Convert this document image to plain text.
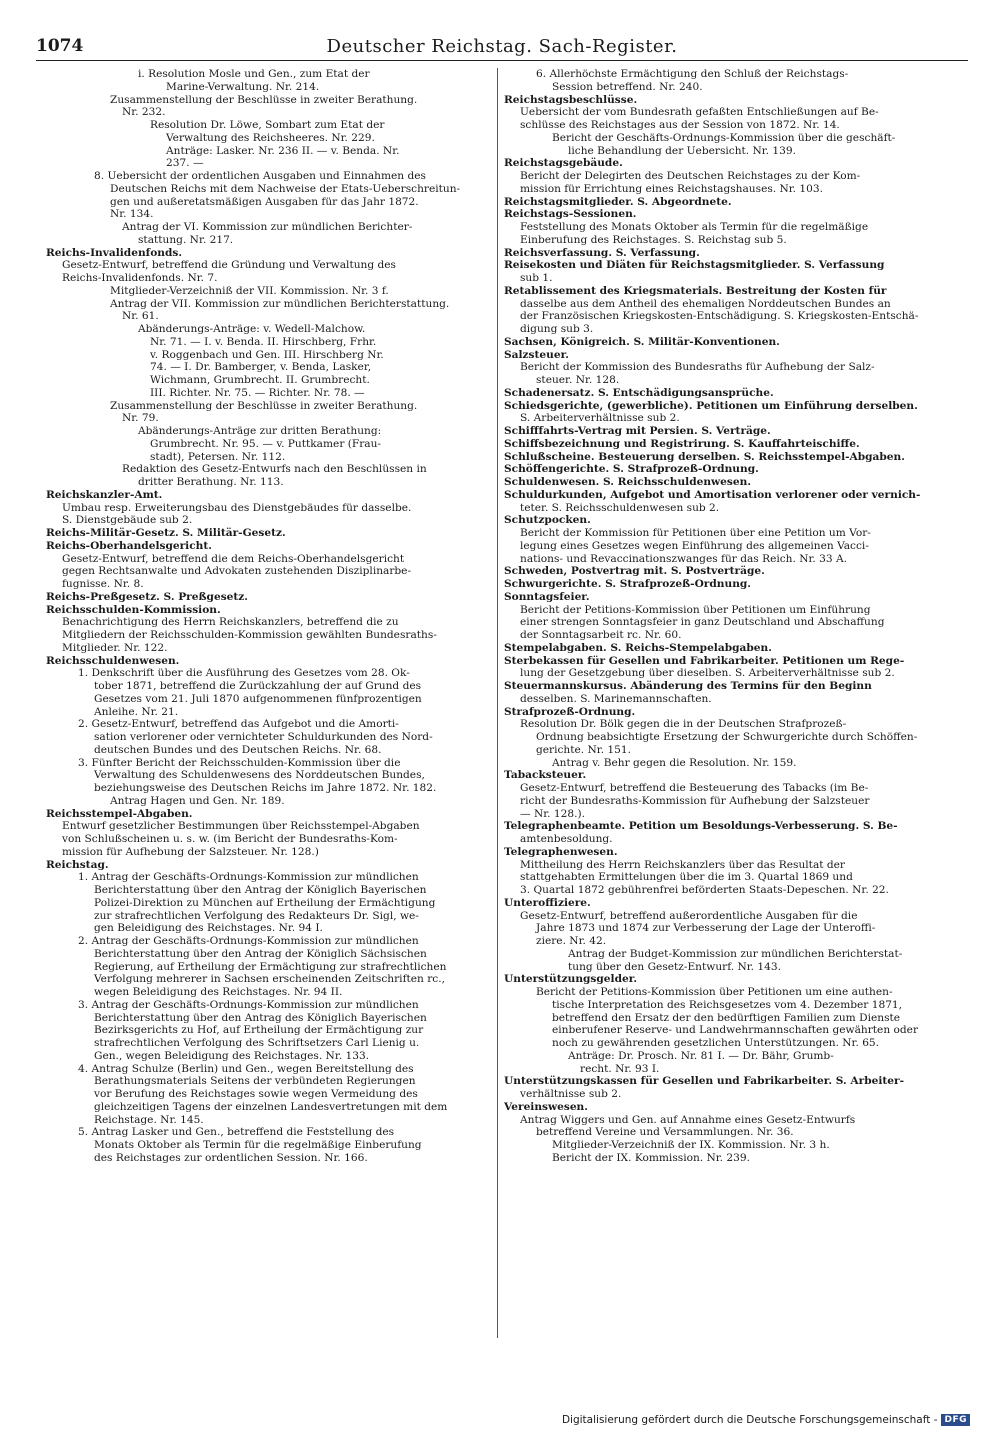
1074	Deutscher Reichstag. Sach-Register.
i. Resolution Mosle und Gen., zum Etat der
Marine-Verwaltung. Nr. 214.
Zusammenstellung der Beschlüsse in zweiter Berathung.
Nr. 232.
Resolution Dr. Löwe, Sombart zum Etat der
Verwaltung des Reichsheeres. Nr. 229.
Anträge: Lasker. Nr. 236 II. — v. Benda. Nr.
237. —
8. Uebersicht der ordentlichen Ausgaben und Einnahmen des
Deutschen Reichs mit dem Nachweise der Etats-Ueberschreitun-
gen und außeretatsmäßigen Ausgaben für das Jahr 1872.
Nr. 134.
Antrag der VI. Kommission zur mündlichen Berichter-
stattung. Nr. 217.
Reichs-Invalidenfonds.
Gesetz-Entwurf, betreffend die Gründung und Verwaltung des
Reichs-Invalidenfonds. Nr. 7.
Mitglieder-Verzeichniß der VII. Kommission. Nr. 3 f.
Antrag der VII. Kommission zur mündlichen Berichterstattung.
Nr. 61.
Abänderungs-Anträge: v. Wedell-Malchow.
Nr. 71. — I. v. Benda. II. Hirschberg, Frhr.
v. Roggenbach und Gen. III. Hirschberg Nr.
74. — I. Dr. Bamberger, v. Benda, Lasker,
Wichmann, Grumbrecht. II. Grumbrecht.
III. Richter. Nr. 75. — Richter. Nr. 78. —
Zusammenstellung der Beschlüsse in zweiter Berathung.
Nr. 79.
Abänderungs-Anträge zur dritten Berathung:
Grumbrecht. Nr. 95. — v. Puttkamer (Frau-
stadt), Petersen. Nr. 112.
Redaktion des Gesetz-Entwurfs nach den Beschlüssen in
dritter Berathung. Nr. 113.
Reichskanzler-Amt.
Umbau resp. Erweiterungsbau des Dienstgebäudes für dasselbe.
S. Dienstgebäude sub 2.
Reichs-Militär-Gesetz. S. Militär-Gesetz.
Reichs-Oberhandelsgericht.
Gesetz-Entwurf, betreffend die dem Reichs-Oberhandelsgericht
gegen Rechtsanwalte und Advokaten zustehenden Disziplinarbe-
fugnisse. Nr. 8.
Reichs-Preßgesetz. S. Preßgesetz.
Reichsschulden-Kommission.
Benachrichtigung des Herrn Reichskanzlers, betreffend die zu
Mitgliedern der Reichsschulden-Kommission gewählten Bundesraths-
Mitglieder. Nr. 122.
Reichsschuldenwesen.
1. Denkschrift über die Ausführung des Gesetzes vom 28. Ok-
tober 1871, betreffend die Zurückzahlung der auf Grund des
Gesetzes vom 21. Juli 1870 aufgenommenen fünfprozentigen
Anleihe. Nr. 21.
2. Gesetz-Entwurf, betreffend das Aufgebot und die Amorti-
sation verlorener oder vernichteter Schuldurkunden des Nord-
deutschen Bundes und des Deutschen Reichs. Nr. 68.
3. Fünfter Bericht der Reichsschulden-Kommission über die
Verwaltung des Schuldenwesens des Norddeutschen Bundes,
beziehungsweise des Deutschen Reichs im Jahre 1872. Nr. 182.
Antrag Hagen und Gen. Nr. 189.
Reichsstempel-Abgaben.
Entwurf gesetzlicher Bestimmungen über Reichsstempel-Abgaben
von Schlußscheinen u. s. w. (im Bericht der Bundesraths-Kom-
mission für Aufhebung der Salzsteuer. Nr. 128.)
Reichstag.
1. Antrag der Geschäfts-Ordnungs-Kommission zur mündlichen
Berichterstattung über den Antrag der Königlich Bayerischen
Polizei-Direktion zu München auf Ertheilung der Ermächtigung
zur strafrechtlichen Verfolgung des Redakteurs Dr. Sigl, we-
gen Beleidigung des Reichstages. Nr. 94 I.
2. Antrag der Geschäfts-Ordnungs-Kommission zur mündlichen
Berichterstattung über den Antrag der Königlich Sächsischen
Regierung, auf Ertheilung der Ermächtigung zur strafrechtlichen
Verfolgung mehrerer in Sachsen erscheinenden Zeitschriften rc.,
wegen Beleidigung des Reichstages. Nr. 94 II.
3. Antrag der Geschäfts-Ordnungs-Kommission zur mündlichen
Berichterstattung über den Antrag des Königlich Bayerischen
Bezirksgerichts zu Hof, auf Ertheilung der Ermächtigung zur
strafrechtlichen Verfolgung des Schriftsetzers Carl Lienig u.
Gen., wegen Beleidigung des Reichstages. Nr. 133.
4. Antrag Schulze (Berlin) und Gen., wegen Bereitstellung des
Berathungsmaterials Seitens der verbündeten Regierungen
vor Berufung des Reichstages sowie wegen Vermeidung des
gleichzeitigen Tagens der einzelnen Landesvertretungen mit dem
Reichstage. Nr. 145.
5. Antrag Lasker und Gen., betreffend die Feststellung des
Monats Oktober als Termin für die regelmäßige Einberufung
des Reichstages zur ordentlichen Session. Nr. 166.
6. Allerhöchste Ermächtigung den Schluß der Reichstags-
Session betreffend. Nr. 240.
Reichstagsbeschlüsse.
Uebersicht der vom Bundesrath gefaßten Entschließungen auf Be-
schlüsse des Reichstages aus der Session von 1872. Nr. 14.
Bericht der Geschäfts-Ordnungs-Kommission über die geschäft-
liche Behandlung der Uebersicht. Nr. 139.
Reichstagsgebäude.
Bericht der Delegirten des Deutschen Reichstages zu der Kom-
mission für Errichtung eines Reichstagshauses. Nr. 103.
Reichstagsmitglieder. S. Abgeordnete.
Reichstags-Sessionen.
Feststellung des Monats Oktober als Termin für die regelmäßige
Einberufung des Reichstages. S. Reichstag sub 5.
Reichsverfassung. S. Verfassung.
Reisekosten und Diäten für Reichstagsmitglieder. S. Verfassung
sub 1.
Retablissement des Kriegsmaterials. Bestreitung der Kosten für
dasselbe aus dem Antheil des ehemaligen Norddeutschen Bundes an
der Französischen Kriegskosten-Entschädigung. S. Kriegskosten-Entschä-
digung sub 3.
Sachsen, Königreich. S. Militär-Konventionen.
Salzsteuer.
Bericht der Kommission des Bundesraths für Aufhebung der Salz-
steuer. Nr. 128.
Schadenersatz. S. Entschädigungsansprüche.
Schiedsgerichte, (gewerbliche). Petitionen um Einführung derselben.
S. Arbeiterverhältnisse sub 2.
Schifffahrts-Vertrag mit Persien. S. Verträge.
Schiffsbezeichnung und Registrirung. S. Kauffahrteischiffe.
Schlußscheine. Besteuerung derselben. S. Reichsstempel-Abgaben.
Schöffengerichte. S. Strafprozeß-Ordnung.
Schuldenwesen. S. Reichsschuldenwesen.
Schuldurkunden, Aufgebot und Amortisation verlorener oder vernich-
teter. S. Reichsschuldenwesen sub 2.
Schutzpocken.
Bericht der Kommission für Petitionen über eine Petition um Vor-
legung eines Gesetzes wegen Einführung des allgemeinen Vacci-
nations- und Revaccinationszwanges für das Reich. Nr. 33 A.
Schweden, Postvertrag mit. S. Postverträge.
Schwurgerichte. S. Strafprozeß-Ordnung.
Sonntagsfeier.
Bericht der Petitions-Kommission über Petitionen um Einführung
einer strengen Sonntagsfeier in ganz Deutschland und Abschaffung
der Sonntagsarbeit rc. Nr. 60.
Stempelabgaben. S. Reichs-Stempelabgaben.
Sterbekassen für Gesellen und Fabrikarbeiter. Petitionen um Rege-
lung der Gesetzgebung über dieselben. S. Arbeiterverhältnisse sub 2.
Steuermannskursus. Abänderung des Termins für den Beginn
desselben. S. Marinemannschaften.
Strafprozeß-Ordnung.
Resolution Dr. Bölk gegen die in der Deutschen Strafprozeß-
Ordnung beabsichtigte Ersetzung der Schwurgerichte durch Schöffen-
gerichte. Nr. 151.
Antrag v. Behr gegen die Resolution. Nr. 159.
Tabacksteuer.
Gesetz-Entwurf, betreffend die Besteuerung des Tabacks (im Be-
richt der Bundesraths-Kommission für Aufhebung der Salzsteuer
— Nr. 128.).
Telegraphenbeamte. Petition um Besoldungs-Verbesserung. S. Be-
amtenbesoldung.
Telegraphenwesen.
Mittheilung des Herrn Reichskanzlers über das Resultat der
stattgehabten Ermittelungen über die im 3. Quartal 1869 und
3. Quartal 1872 gebührenfrei beförderten Staats-Depeschen. Nr. 22.
Unteroffiziere.
Gesetz-Entwurf, betreffend außerordentliche Ausgaben für die
Jahre 1873 und 1874 zur Verbesserung der Lage der Unteroffi-
ziere. Nr. 42.
Antrag der Budget-Kommission zur mündlichen Berichterstat-
tung über den Gesetz-Entwurf. Nr. 143.
Unterstützungsgelder.
Bericht der Petitions-Kommission über Petitionen um eine authen-
tische Interpretation des Reichsgesetzes vom 4. Dezember 1871,
betreffend den Ersatz der den bedürftigen Familien zum Dienste
einberufener Reserve- und Landwehrmannschaften gewährten oder
noch zu gewährenden gesetzlichen Unterstützungen. Nr. 65.
Anträge: Dr. Prosch. Nr. 81 I. — Dr. Bähr, Grumb-
recht. Nr. 93 I.
Unterstützungskassen für Gesellen und Fabrikarbeiter. S. Arbeiter-
verhältnisse sub 2.
Vereinswesen.
Antrag Wiggers und Gen. auf Annahme eines Gesetz-Entwurfs
betreffend Vereine und Versammlungen. Nr. 36.
Mitglieder-Verzeichniß der IX. Kommission. Nr. 3 h.
Bericht der IX. Kommission. Nr. 239.
Digitalisierung gefördert durch die Deutsche Forschungsgemeinschaft - DFG
